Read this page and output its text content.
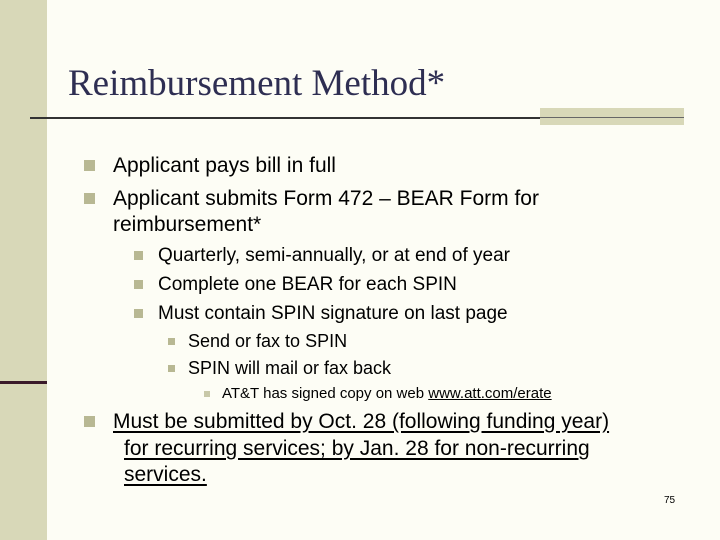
Reimbursement Method*
Applicant pays bill in full
Applicant submits Form 472 – BEAR Form for
reimbursement*
Quarterly, semi-annually, or at end of year
Complete one BEAR for each SPIN
Must contain SPIN signature on last page
Send or fax to SPIN
SPIN will mail or fax back
AT&T has signed copy on web
www.att.com/erate
Must be submitted by Oct. 28 (following funding year)
for recurring services; by Jan. 28 for non-recurring
services.
75
